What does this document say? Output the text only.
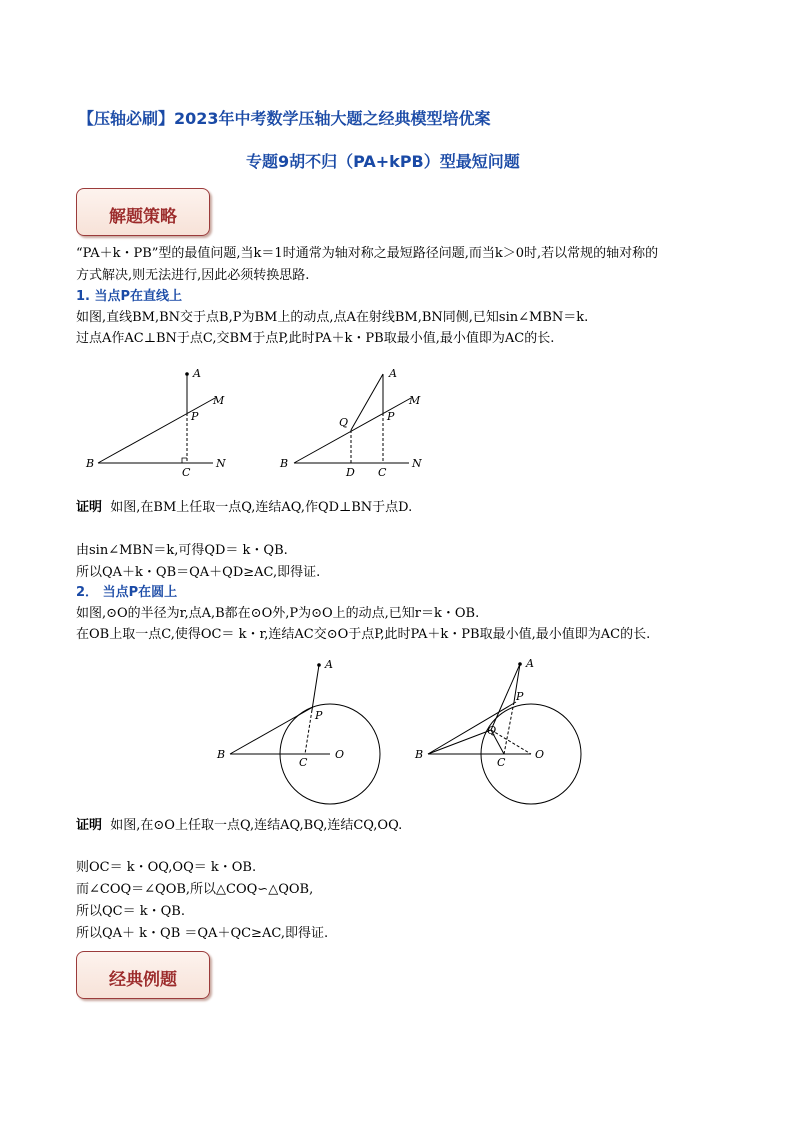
【压轴必刷】2023年中考数学压轴大题之经典模型培优案
专题9胡不归（PA+kPB）型最短问题
解题策略
“PA＋k・PB”型的最值问题,当k＝1时通常为轴对称之最短路径问题,而当k＞0时,若以常规的轴对称的
方式解决,则无法进行,因此必须转换思路.
1. 当点P在直线上
如图,直线BM,BN交于点B,P为BM上的动点,点A在射线BM,BN同侧,已知sin∠MBN＝k.
过点A作AC⊥BN于点C,交BM于点P,此时PA＋k・PB取最小值,最小值即为AC的长.
A
M
P
B
C
N
A
M
P
Q
B
D C
N
证明 如图,在BM上任取一点Q,连结AQ,作QD⊥BN于点D.
由sin∠MBN＝k,可得QD＝ k・QB.
所以QA＋k・QB＝QA＋QD≥AC,即得证.
2． 当点P在圆上
如图,⊙O的半径为r,点A,B都在⊙O外,P为⊙O上的动点,已知r＝k・OB.
在OB上取一点C,使得OC＝ k・r,连结AC交⊙O于点P,此时PA＋k・PB取最小值,最小值即为AC的长.
A
P
B
C
O
A
P
Q
B
C
O
证明 如图,在⊙O上任取一点Q,连结AQ,BQ,连结CQ,OQ.
则OC＝ k・OQ,OQ＝ k・OB.
而∠COQ＝∠QOB,所以△COQ∽△QOB,
所以QC＝ k・QB.
所以QA＋ k・QB ＝QA＋QC≥AC,即得证.
经典例题
